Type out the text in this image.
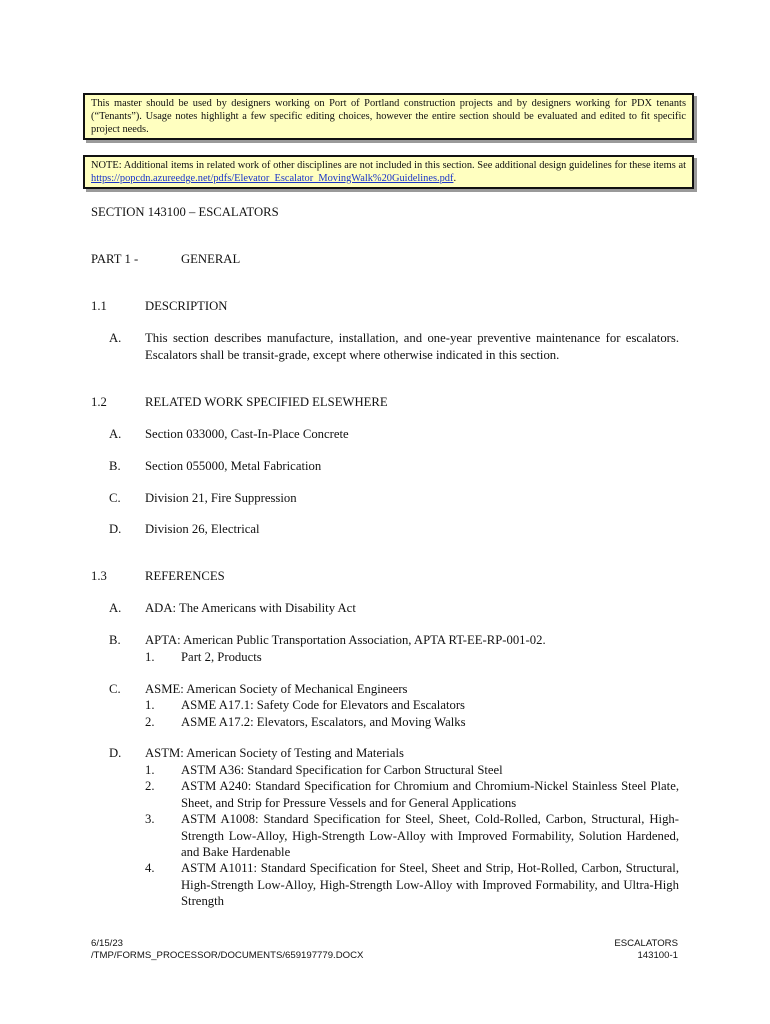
This master should be used by designers working on Port of Portland construction projects and by designers working for PDX tenants (“Tenants”). Usage notes highlight a few specific editing choices, however the entire section should be evaluated and edited to fit specific project needs.
NOTE: Additional items in related work of other disciplines are not included in this section. See additional design guidelines for these items at https://popcdn.azureedge.net/pdfs/Elevator_Escalator_MovingWalk%20Guidelines.pdf.
SECTION 143100 – ESCALATORS
PART 1 -	GENERAL
1.1	DESCRIPTION
A. This section describes manufacture, installation, and one-year preventive maintenance for escalators. Escalators shall be transit-grade, except where otherwise indicated in this section.
1.2	RELATED WORK SPECIFIED ELSEWHERE
A. Section 033000, Cast-In-Place Concrete
B. Section 055000, Metal Fabrication
C. Division 21, Fire Suppression
D. Division 26, Electrical
1.3	REFERENCES
A. ADA: The Americans with Disability Act
B. APTA: American Public Transportation Association, APTA RT-EE-RP-001-02.
1. Part 2, Products
C. ASME: American Society of Mechanical Engineers
1. ASME A17.1: Safety Code for Elevators and Escalators
2. ASME A17.2: Elevators, Escalators, and Moving Walks
D. ASTM: American Society of Testing and Materials
1. ASTM A36: Standard Specification for Carbon Structural Steel
2. ASTM A240: Standard Specification for Chromium and Chromium-Nickel Stainless Steel Plate, Sheet, and Strip for Pressure Vessels and for General Applications
3. ASTM A1008: Standard Specification for Steel, Sheet, Cold-Rolled, Carbon, Structural, High-Strength Low-Alloy, High-Strength Low-Alloy with Improved Formability, Solution Hardened, and Bake Hardenable
4. ASTM A1011: Standard Specification for Steel, Sheet and Strip, Hot-Rolled, Carbon, Structural, High-Strength Low-Alloy, High-Strength Low-Alloy with Improved Formability, and Ultra-High Strength
6/15/23
/TMP/FORMS_PROCESSOR/DOCUMENTS/659197779.DOCX
ESCALATORS
143100-1
